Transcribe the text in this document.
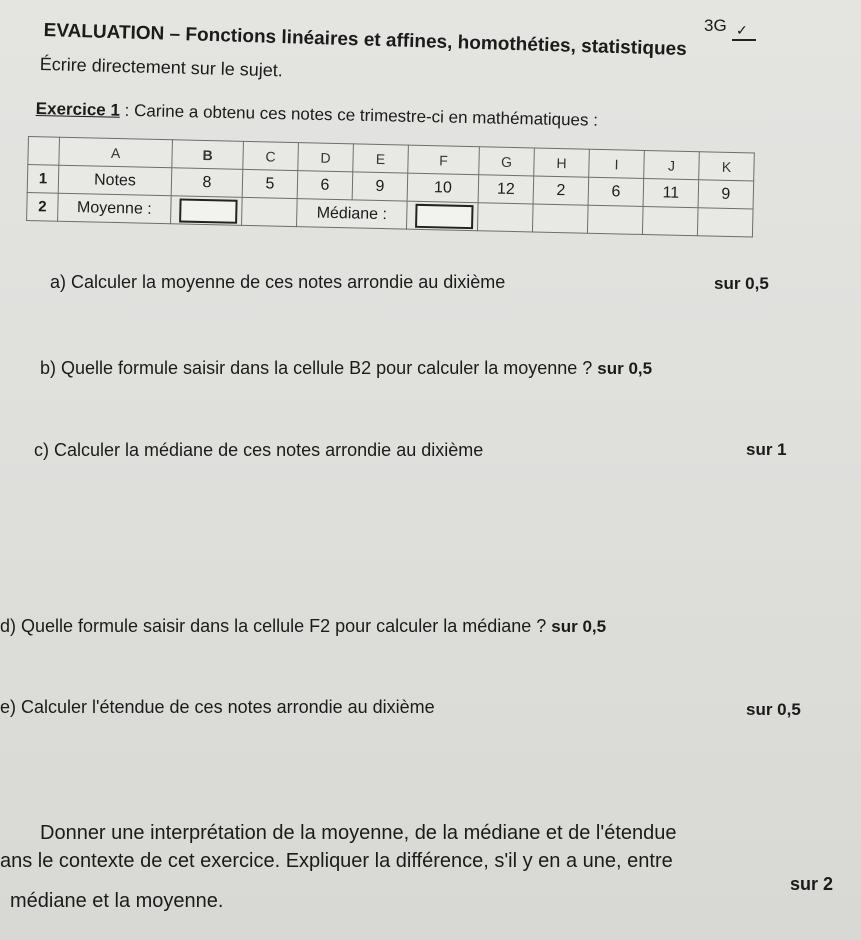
3G ✓
EVALUATION – Fonctions linéaires et affines, homothéties, statistiques
Écrire directement sur le sujet.
Exercice 1 : Carine a obtenu ces notes ce trimestre-ci en mathématiques :
	A	B	C	D	E	F	G	H	I	J	K
1	Notes	8	5	6	9	10	12	2	6	11	9
2	Moyenne :			Médiane :							
a) Calculer la moyenne de ces notes arrondie au dixième	sur 0,5
b) Quelle formule saisir dans la cellule B2 pour calculer la moyenne ? sur 0,5
c) Calculer la médiane de ces notes arrondie au dixième	sur 1
d) Quelle formule saisir dans la cellule F2 pour calculer la médiane ? sur 0,5
e) Calculer l'étendue de ces notes arrondie au dixième	sur 0,5
Donner une interprétation de la moyenne, de la médiane et de l'étendue
ans le contexte de cet exercice. Expliquer la différence, s'il y en a une, entre
médiane et la moyenne.
sur 2
